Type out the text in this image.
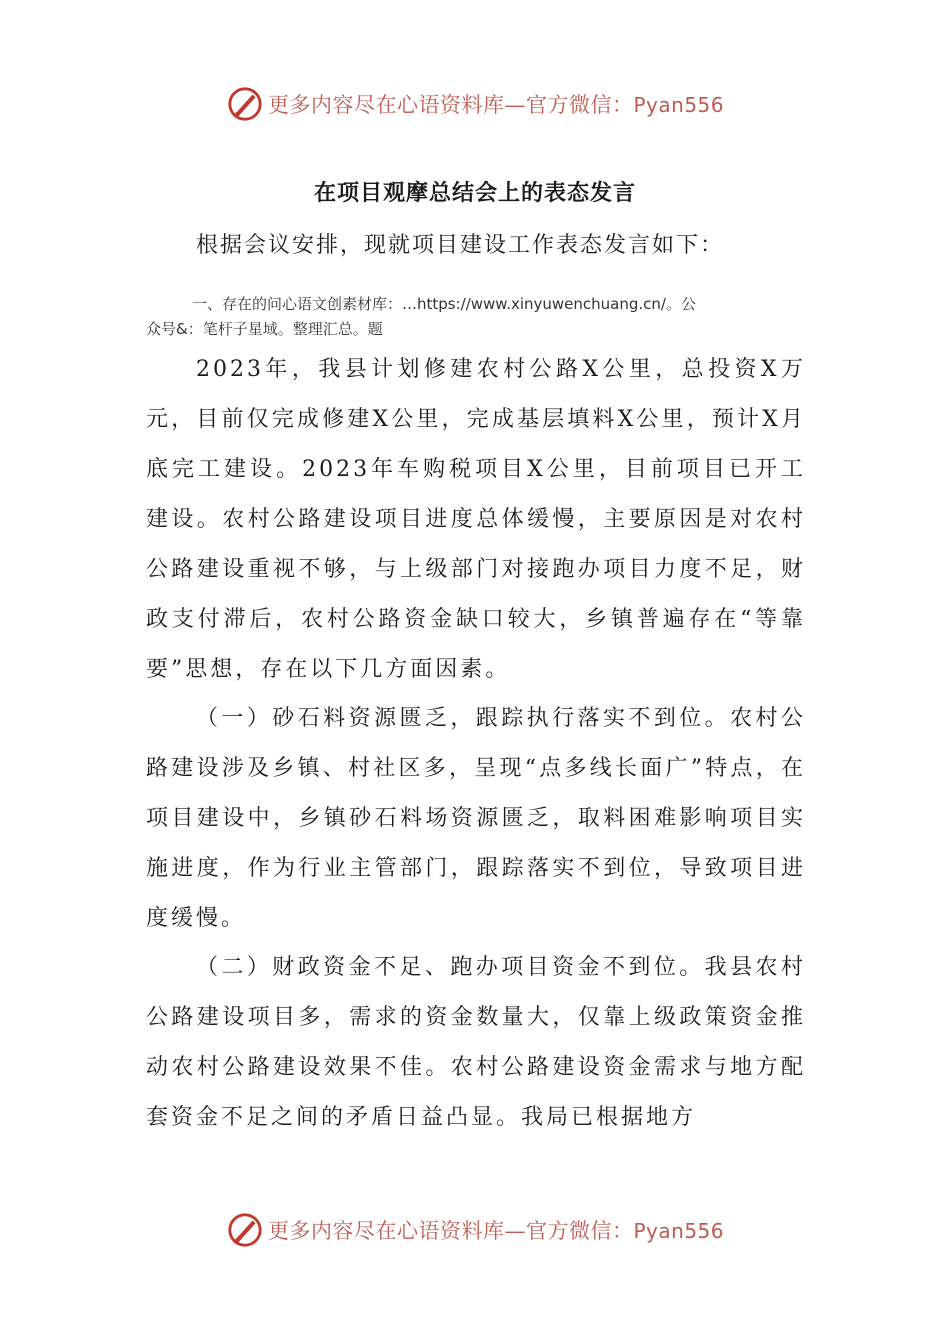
更多内容尽在心语资料库—官方微信：Pyan556
在项目观摩总结会上的表态发言
根据会议安排，现就项目建设工作表态发言如下：
一、存在的问心语文创素材库：…https://www.xinyuwenchuang.cn/。公
众号&：笔杆子星域。整理汇总。题

2023年，我县计划修建农村公路X公里，总投资X万元，目前仅完成修建X公里，完成基层填料X公里，预计X月底完工建设。2023年车购税项目X公里，目前项目已开工建设。农村公路建设项目进度总体缓慢，主要原因是对农村公路建设重视不够，与上级部门对接跑办项目力度不足，财政支付滞后，农村公路资金缺口较大，乡镇普遍存在“等靠要”思想，存在以下几方面因素。

（一）砂石料资源匮乏，跟踪执行落实不到位。农村公路建设涉及乡镇、村社区多，呈现“点多线长面广”特点，在项目建设中，乡镇砂石料场资源匮乏，取料困难影响项目实施进度，作为行业主管部门，跟踪落实不到位，导致项目进度缓慢。

（二）财政资金不足、跑办项目资金不到位。我县农村公路建设项目多，需求的资金数量大，仅靠上级政策资金推动农村公路建设效果不佳。农村公路建设资金需求与地方配套资金不足之间的矛盾日益凸显。我局已根据地方

更多内容尽在心语资料库—官方微信：Pyan556
